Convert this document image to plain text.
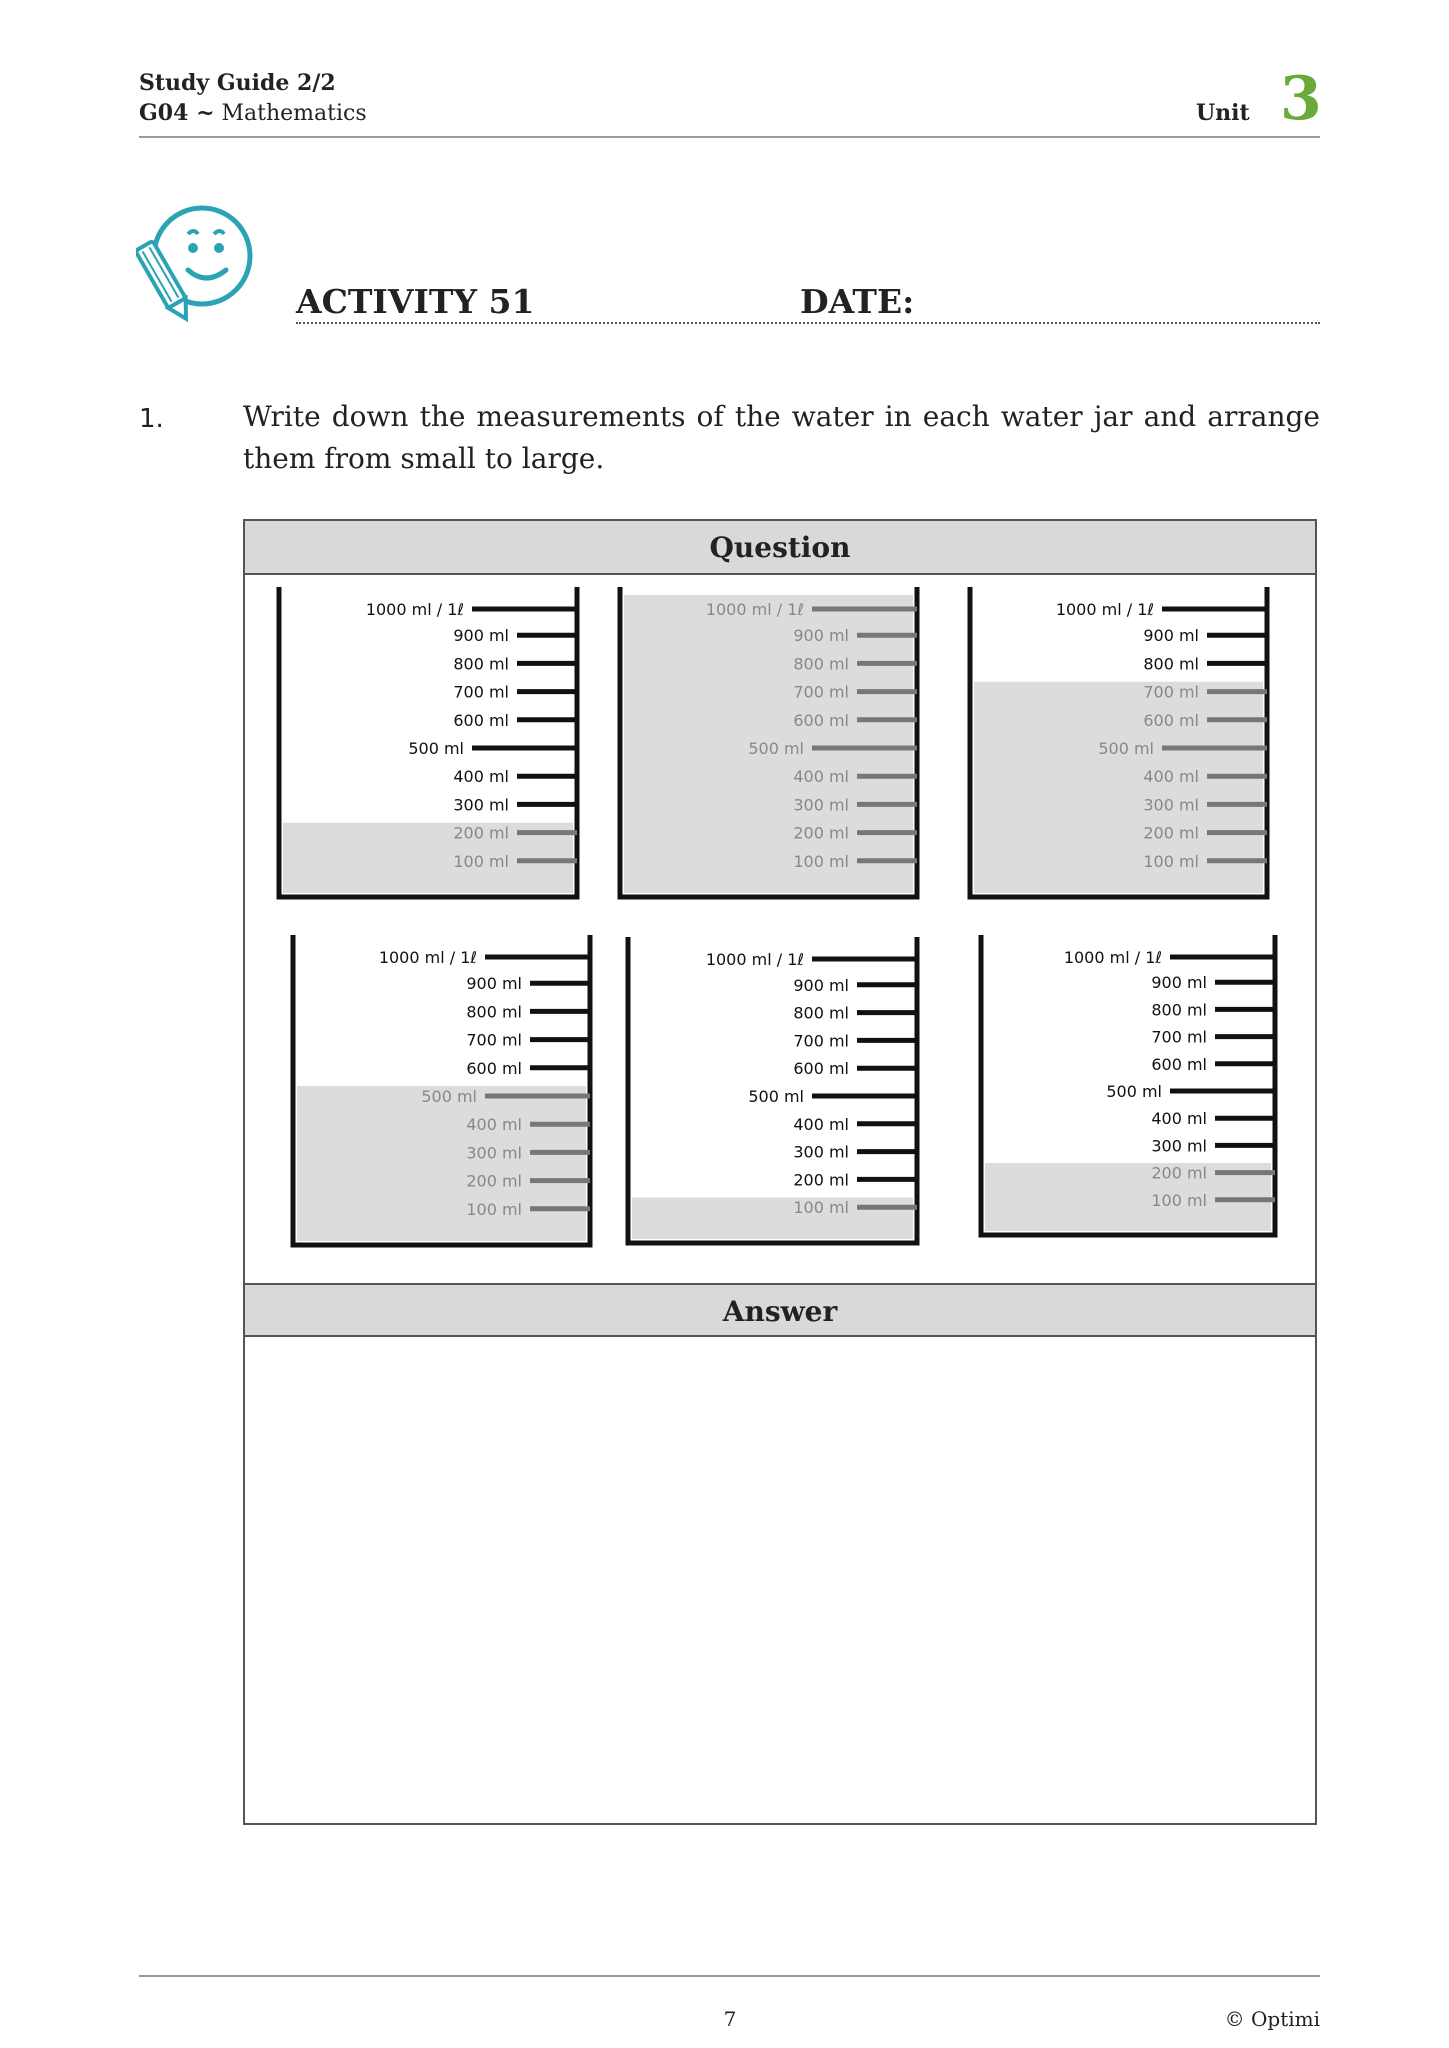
Study Guide 2/2
G04 ~ Mathematics	Unit 3
ACTIVITY 51	DATE:
1.	Write down the measurements of the water in each water jar and arrange them from small to large.
Question
100 ml
200 ml
300 ml
400 ml
500 ml
600 ml
700 ml
800 ml
900 ml
1000 ml / 1ℓ
100 ml
200 ml
300 ml
400 ml
500 ml
600 ml
700 ml
800 ml
900 ml
1000 ml / 1ℓ
100 ml
200 ml
300 ml
400 ml
500 ml
600 ml
700 ml
800 ml
900 ml
1000 ml / 1ℓ
100 ml
200 ml
300 ml
400 ml
500 ml
600 ml
700 ml
800 ml
900 ml
1000 ml / 1ℓ
100 ml
200 ml
300 ml
400 ml
500 ml
600 ml
700 ml
800 ml
900 ml
1000 ml / 1ℓ
100 ml
200 ml
300 ml
400 ml
500 ml
600 ml
700 ml
800 ml
900 ml
1000 ml / 1ℓ
Answer
7	© Optimi
